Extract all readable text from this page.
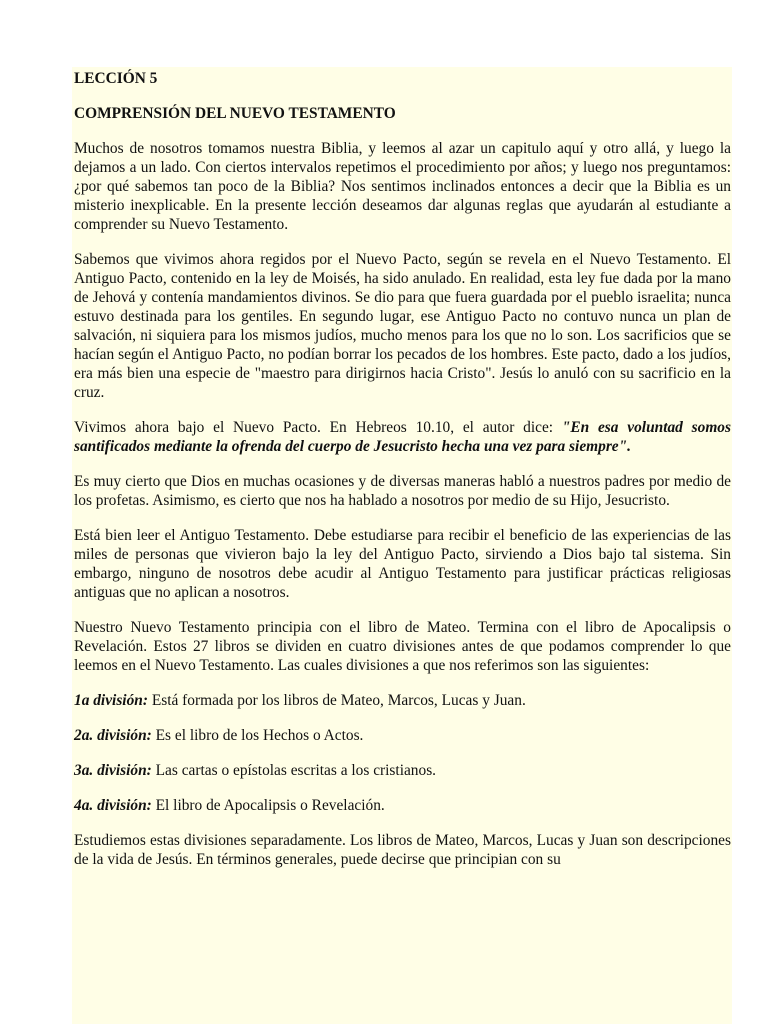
LECCIÓN 5

COMPRENSIÓN DEL NUEVO TESTAMENTO

Muchos de nosotros tomamos nuestra Biblia, y leemos al azar un capitulo aquí y otro allá, y luego la dejamos a un lado. Con ciertos intervalos repetimos el procedimiento por años; y luego nos preguntamos: ¿por qué sabemos tan poco de la Biblia? Nos sentimos inclinados entonces a decir que la Biblia es un misterio inexplicable. En la presente lección deseamos dar algunas reglas que ayudarán al estudiante a comprender su Nuevo Testamento.

Sabemos que vivimos ahora regidos por el Nuevo Pacto, según se revela en el Nuevo Testamento. El Antiguo Pacto, contenido en la ley de Moisés, ha sido anulado. En realidad, esta ley fue dada por la mano de Jehová y contenía mandamientos divinos. Se dio para que fuera guardada por el pueblo israelita; nunca estuvo destinada para los gentiles. En segundo lugar, ese Antiguo Pacto no contuvo nunca un plan de salvación, ni siquiera para los mismos judíos, mucho menos para los que no lo son. Los sacrificios que se hacían según el Antiguo Pacto, no podían borrar los pecados de los hombres. Este pacto, dado a los judíos, era más bien una especie de "maestro para dirigirnos hacia Cristo". Jesús lo anuló con su sacrificio en la cruz.

Vivimos ahora bajo el Nuevo Pacto. En Hebreos 10.10, el autor dice: "En esa voluntad somos santificados mediante la ofrenda del cuerpo de Jesucristo hecha una vez para siempre".

Es muy cierto que Dios en muchas ocasiones y de diversas maneras habló a nuestros padres por medio de los profetas. Asimismo, es cierto que nos ha hablado a nosotros por medio de su Hijo, Jesucristo.

Está bien leer el Antiguo Testamento. Debe estudiarse para recibir el beneficio de las experiencias de las miles de personas que vivieron bajo la ley del Antiguo Pacto, sirviendo a Dios bajo tal sistema. Sin embargo, ninguno de nosotros debe acudir al Antiguo Testamento para justificar prácticas religiosas antiguas que no aplican a nosotros.

Nuestro Nuevo Testamento principia con el libro de Mateo. Termina con el libro de Apocalipsis o Revelación. Estos 27 libros se dividen en cuatro divisiones antes de que podamos comprender lo que leemos en el Nuevo Testamento. Las cuales divisiones a que nos referimos son las siguientes:

1a división: Está formada por los libros de Mateo, Marcos, Lucas y Juan.

2a. división: Es el libro de los Hechos o Actos.

3a. división: Las cartas o epístolas escritas a los cristianos.

4a. división: El libro de Apocalipsis o Revelación.

Estudiemos estas divisiones separadamente. Los libros de Mateo, Marcos, Lucas y Juan son descripciones de la vida de Jesús. En términos generales, puede decirse que principian con su
